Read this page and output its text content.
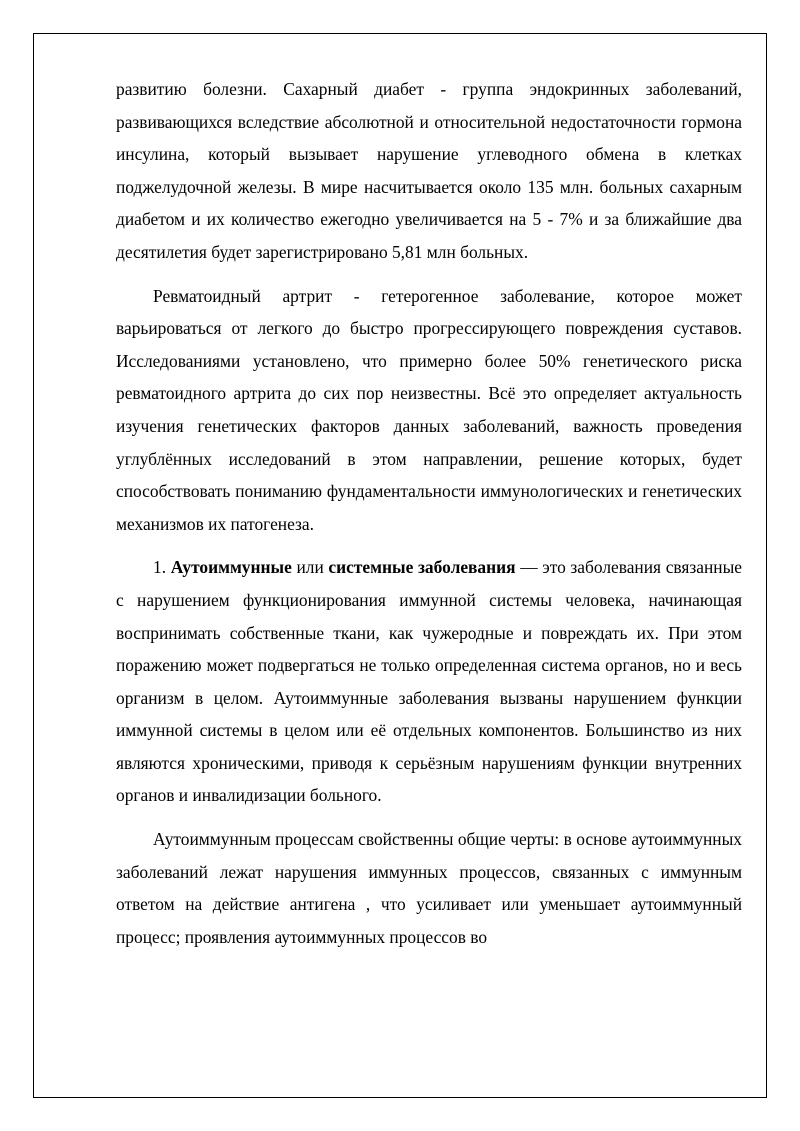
развитию болезни. Сахарный диабет - группа эндокринных заболеваний, развивающихся вследствие абсолютной и относительной недостаточности гормона инсулина, который вызывает нарушение углеводного обмена в клетках поджелудочной железы. В мире насчитывается около 135 млн. больных сахарным диабетом и их количество ежегодно увеличивается на 5 - 7% и за ближайшие два десятилетия будет зарегистрировано 5,81 млн больных.

Ревматоидный артрит - гетерогенное заболевание, которое может варьироваться от легкого до быстро прогрессирующего повреждения суставов. Исследованиями установлено, что примерно более 50% генетического риска ревматоидного артрита до сих пор неизвестны. Всё это определяет актуальность изучения генетических факторов данных заболеваний, важность проведения углублённых исследований в этом направлении, решение которых, будет способствовать пониманию фундаментальности иммунологических и генетических механизмов их патогенеза.

1. Аутоиммунные или системные заболевания — это заболевания связанные с нарушением функционирования иммунной системы человека, начинающая воспринимать собственные ткани, как чужеродные и повреждать их. При этом поражению может подвергаться не только определенная система органов, но и весь организм в целом. Аутоиммунные заболевания вызваны нарушением функции иммунной системы в целом или её отдельных компонентов. Большинство из них являются хроническими, приводя к серьёзным нарушениям функции внутренних органов и инвалидизации больного.

Аутоиммунным процессам свойственны общие черты: в основе аутоиммунных заболеваний лежат нарушения иммунных процессов, связанных с иммунным ответом на действие антигена , что усиливает или уменьшает аутоиммунный процесс; проявления аутоиммунных процессов во
